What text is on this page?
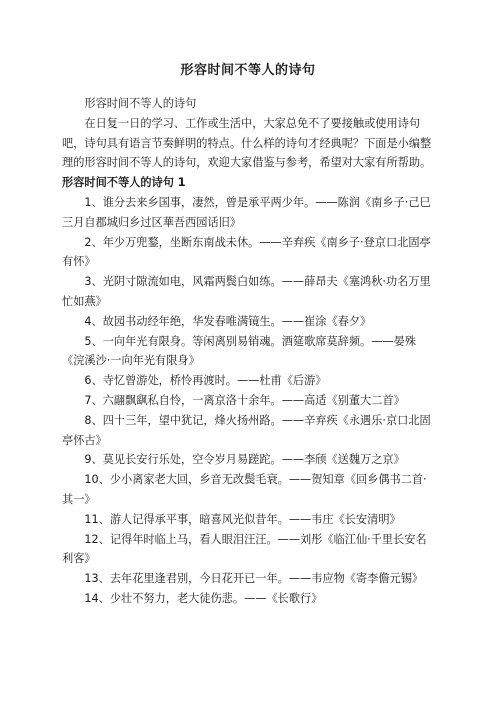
形容时间不等人的诗句

形容时间不等人的诗句

在日复一日的学习、工作或生活中，大家总免不了要接触或使用诗句吧，诗句具有语言节奏鲜明的特点。什么样的诗句才经典呢？下面是小编整理的形容时间不等人的诗句，欢迎大家借鉴与参考，希望对大家有所帮助。

形容时间不等人的诗句 1

1、谁分去来乡国事，凄然，曾是承平两少年。——陈润《南乡子·己巳三月自郡城归乡过区華吾西园话旧》
2、年少万兜鍪，坐断东南战未休。——辛弃疾《南乡子·登京口北固亭有怀》
3、光阴寸隙流如电，风霜两鬓白如练。——薛昂夫《塞鸿秋·功名万里忙如燕》
4、故园书动经年绝，华发春唯满镜生。——崔涂《春夕》
5、一向年光有限身。等闲离别易销魂。酒筵歌席莫辞频。——晏殊《浣溪沙·一向年光有限身》
6、寺忆曾游处，桥怜再渡时。——杜甫《后游》
7、六翮飘飖私自怜，一离京洛十余年。——高适《别董大二首》
8、四十三年，望中犹记，烽火扬州路。——辛弃疾《永遇乐·京口北固亭怀古》
9、莫见长安行乐处，空令岁月易蹉跎。——李颀《送魏万之京》
10、少小离家老大回，乡音无改鬓毛衰。——贺知章《回乡偶书二首·其一》
11、游人记得承平事，暗喜风光似昔年。——韦庄《长安清明》
12、记得年时临上马，看人眼泪汪汪。——刘彤《临江仙·千里长安名利客》
13、去年花里逢君别，今日花开已一年。——韦应物《寄李儋元锡》
14、少壮不努力，老大徒伤悲。——《长歌行》
